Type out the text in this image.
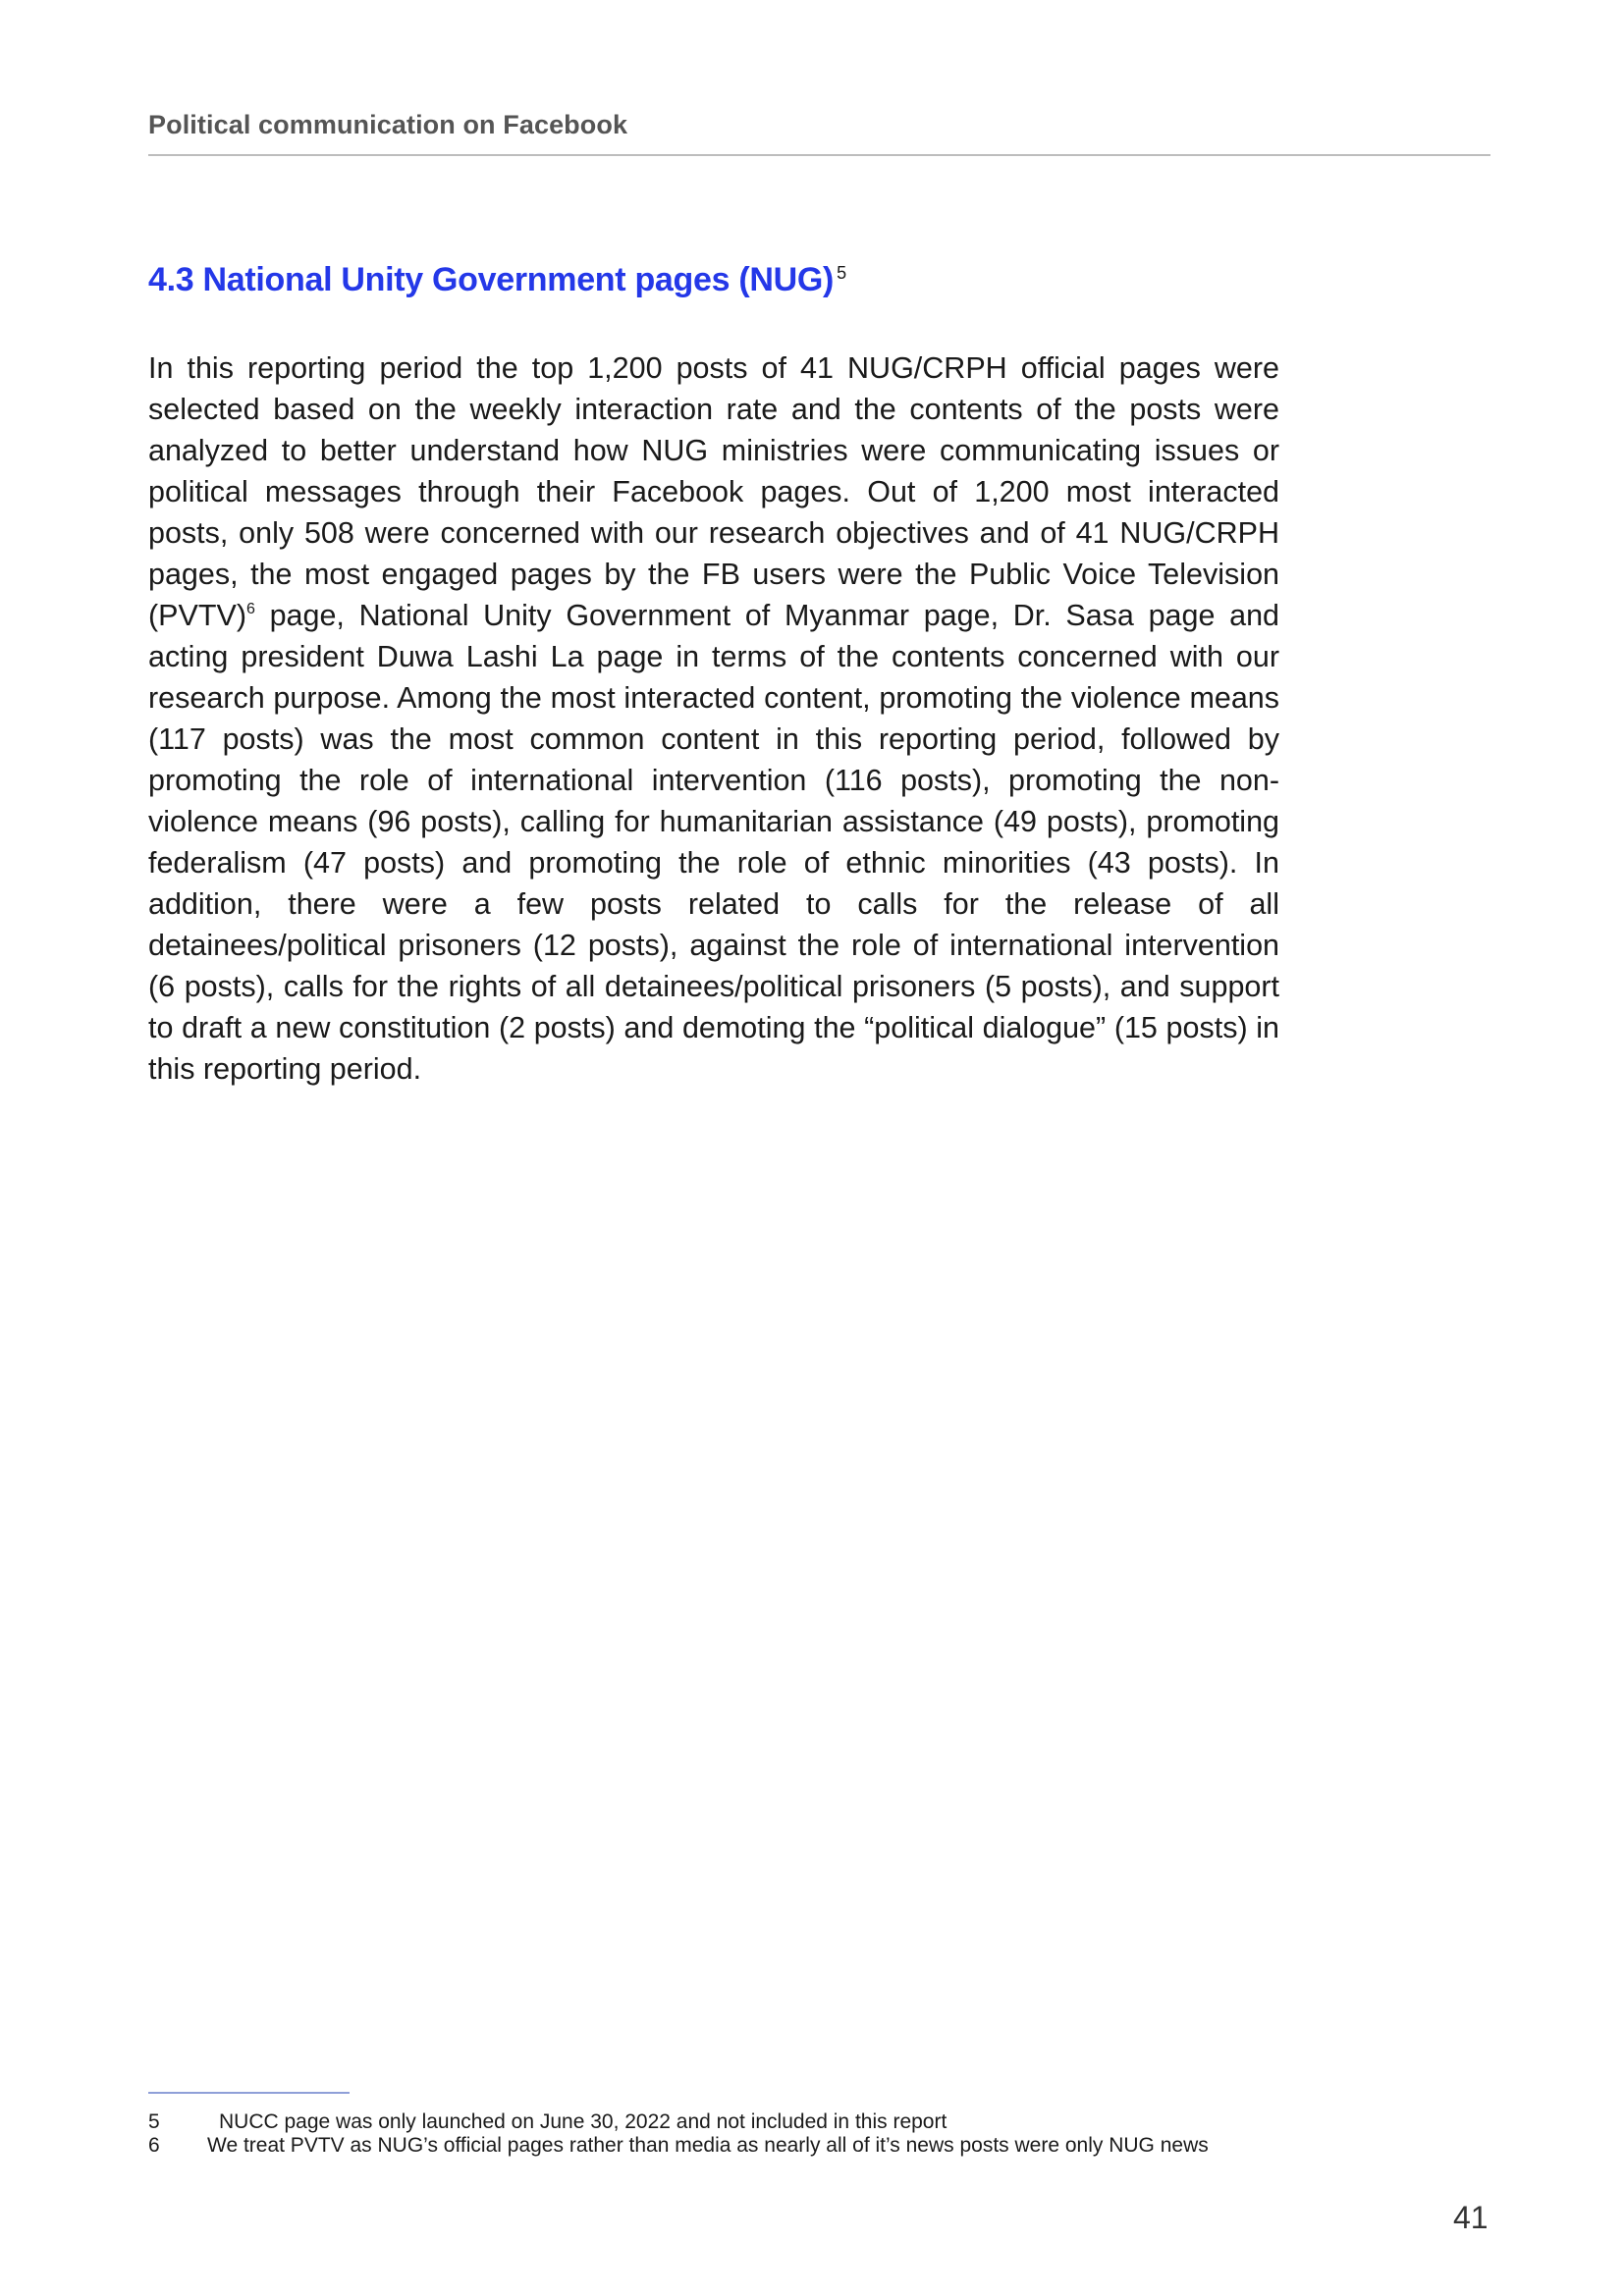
Political communication on Facebook
4.3 National Unity Government pages (NUG) $^5$

In this reporting period the top 1,200 posts of 41 NUG/CRPH official pages were selected based on the weekly interaction rate and the contents of the posts were analyzed to better understand how NUG ministries were communicating issues or political messages through their Facebook pages. Out of 1,200 most interacted posts, only 508 were concerned with our research objectives and of 41 NUG/CRPH pages, the most engaged pages by the FB users were the Public Voice Television (PVTV)$^6$ page, National Unity Government of Myanmar page, Dr. Sasa page and acting president Duwa Lashi La page in terms of the contents concerned with our research purpose. Among the most interacted content, promoting the violence means (117 posts) was the most common content in this reporting period, followed by promoting the role of international intervention (116 posts), promoting the non-violence means (96 posts), calling for humanitarian assistance (49 posts), promoting federalism (47 posts) and promoting the role of ethnic minorities (43 posts). In addition, there were a few posts related to calls for the release of all detainees/political prisoners (12 posts), against the role of international intervention (6 posts), calls for the rights of all detainees/political prisoners (5 posts), and support to draft a new constitution (2 posts) and demoting the “political dialogue” (15 posts) in this reporting period.

5	NUCC page was only launched on June 30, 2022 and not included in this report
6 We treat PVTV as NUG’s official pages rather than media as nearly all of it’s news posts were only NUG news
41
